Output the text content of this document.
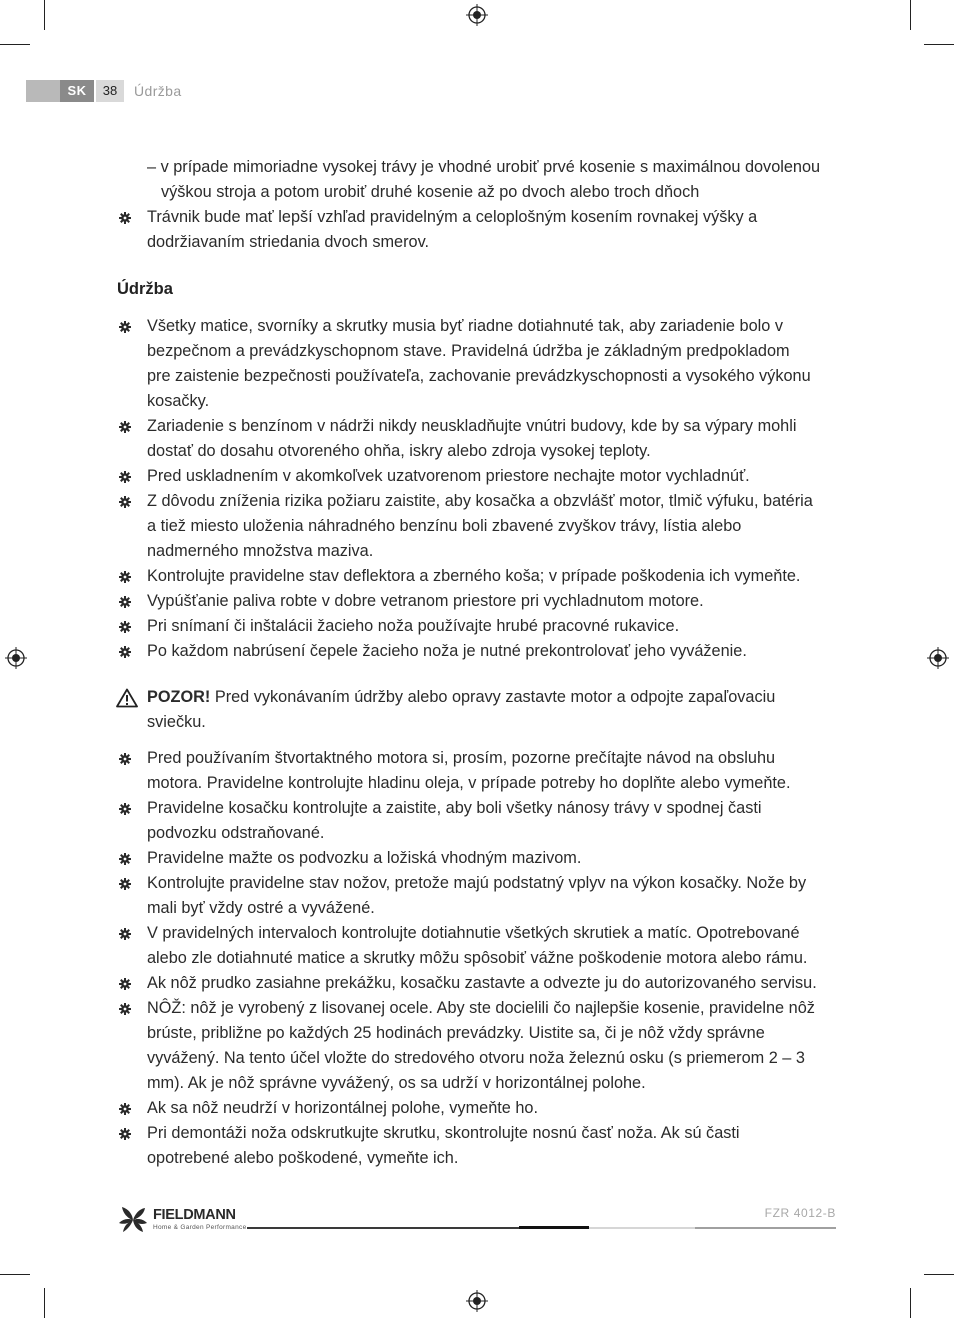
SK	38	Údržba
– v prípade mimoriadne vysokej trávy je vhodné urobiť prvé kosenie s maximálnou dovolenou
výškou stroja a potom urobiť druhé kosenie až po dvoch alebo troch dňoch
Trávnik bude mať lepší vzhľad pravidelným a celoplošným kosením rovnakej výšky a
dodržiavaním striedania dvoch smerov.
Údržba
Všetky matice, svorníky a skrutky musia byť riadne dotiahnuté tak, aby zariadenie bolo v
bezpečnom a prevádzkyschopnom stave. Pravidelná údržba je základným predpokladom
pre zaistenie bezpečnosti používateľa, zachovanie prevádzkyschopnosti a vysokého výkonu
kosačky.
Zariadenie s benzínom v nádrži nikdy neuskladňujte vnútri budovy, kde by sa výpary mohli
dostať do dosahu otvoreného ohňa, iskry alebo zdroja vysokej teploty.
Pred uskladnením v akomkoľvek uzatvorenom priestore nechajte motor vychladnúť.
Z dôvodu zníženia rizika požiaru zaistite, aby kosačka a obzvlášť motor, tlmič výfuku, batéria
a tiež miesto uloženia náhradného benzínu boli zbavené zvyškov trávy, lístia alebo
nadmerného množstva maziva.
Kontrolujte pravidelne stav deflektora a zberného koša; v prípade poškodenia ich vymeňte.
Vypúšťanie paliva robte v dobre vetranom priestore pri vychladnutom motore.
Pri snímaní či inštalácii žacieho noža používajte hrubé pracovné rukavice.
Po každom nabrúsení čepele žacieho noža je nutné prekontrolovať jeho vyváženie.
POZOR! Pred vykonávaním údržby alebo opravy zastavte motor a odpojte zapaľovaciu
sviečku.
Pred používaním štvortaktného motora si, prosím, pozorne prečítajte návod na obsluhu
motora. Pravidelne kontrolujte hladinu oleja, v prípade potreby ho doplňte alebo vymeňte.
Pravidelne kosačku kontrolujte a zaistite, aby boli všetky nánosy trávy v spodnej časti
podvozku odstraňované.
Pravidelne mažte os podvozku a ložiská vhodným mazivom.
Kontrolujte pravidelne stav nožov, pretože majú podstatný vplyv na výkon kosačky. Nože by
mali byť vždy ostré a vyvážené.
V pravidelných intervaloch kontrolujte dotiahnutie všetkých skrutiek a matíc. Opotrebované
alebo zle dotiahnuté matice a skrutky môžu spôsobiť vážne poškodenie motora alebo rámu.
Ak nôž prudko zasiahne prekážku, kosačku zastavte a odvezte ju do autorizovaného servisu.
NÔŽ: nôž je vyrobený z lisovanej ocele. Aby ste docielili čo najlepšie kosenie, pravidelne nôž
brúste, približne po každých 25 hodinách prevádzky. Uistite sa, či je nôž vždy správne
vyvážený. Na tento účel vložte do stredového otvoru noža železnú osku (s priemerom 2 – 3
mm). Ak je nôž správne vyvážený, os sa udrží v horizontálnej polohe.
Ak sa nôž neudrží v horizontálnej polohe, vymeňte ho.
Pri demontáži noža odskrutkujte skrutku, skontrolujte nosnú časť noža. Ak sú časti
opotrebené alebo poškodené, vymeňte ich.
FIELDMANN
Home & Garden Performance
FZR 4012-B
